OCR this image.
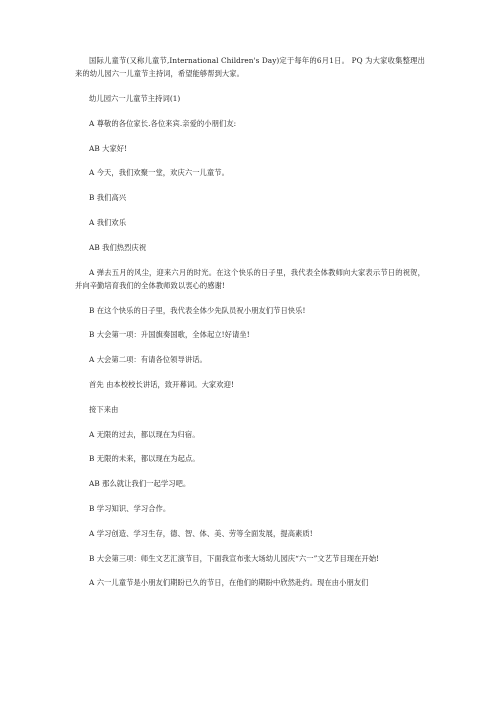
国际儿童节(又称儿童节,International Children's Day)定于每年的6月1日。 PQ 为大家收集整理出来的幼儿园六一儿童节主持词，希望能够帮到大家。

幼儿园六一儿童节主持词(1)

A 尊敬的各位家长.各位来宾.亲爱的小朋们友:

AB 大家好!

A 今天，我们欢聚一堂，欢庆六一儿童节。

B 我们高兴

A 我们欢乐

AB 我们热烈庆祝

A 弹去五月的风尘，迎来六月的时光。在这个快乐的日子里，我代表全体教师向大家表示节日的祝贺，并向辛勤培育我们的全体教师致以衷心的感谢!

B 在这个快乐的日子里，我代表全体少先队员祝小朋友们节日快乐!

B 大会第一项：升国旗奏国歌，全体起立!好请坐!

A 大会第二项：有请各位领导讲话。

首先 由本校校长讲话，致开幕词。大家欢迎!

接下来由

A 无限的过去，都以现在为归宿。

B 无限的未来，都以现在为起点。

AB 那么就让我们一起学习吧。

B 学习知识、学习合作。

A 学习创造、学习生存，德、智、体、美、劳等全面发展，提高素质!

B 大会第三项：师生文艺汇演节目，下面我宣布张大场幼儿园庆“六一”文艺节目现在开始!

A 六一儿童节是小朋友们期盼已久的节日，在他们的期盼中欣然赴约。现在由小朋友们
